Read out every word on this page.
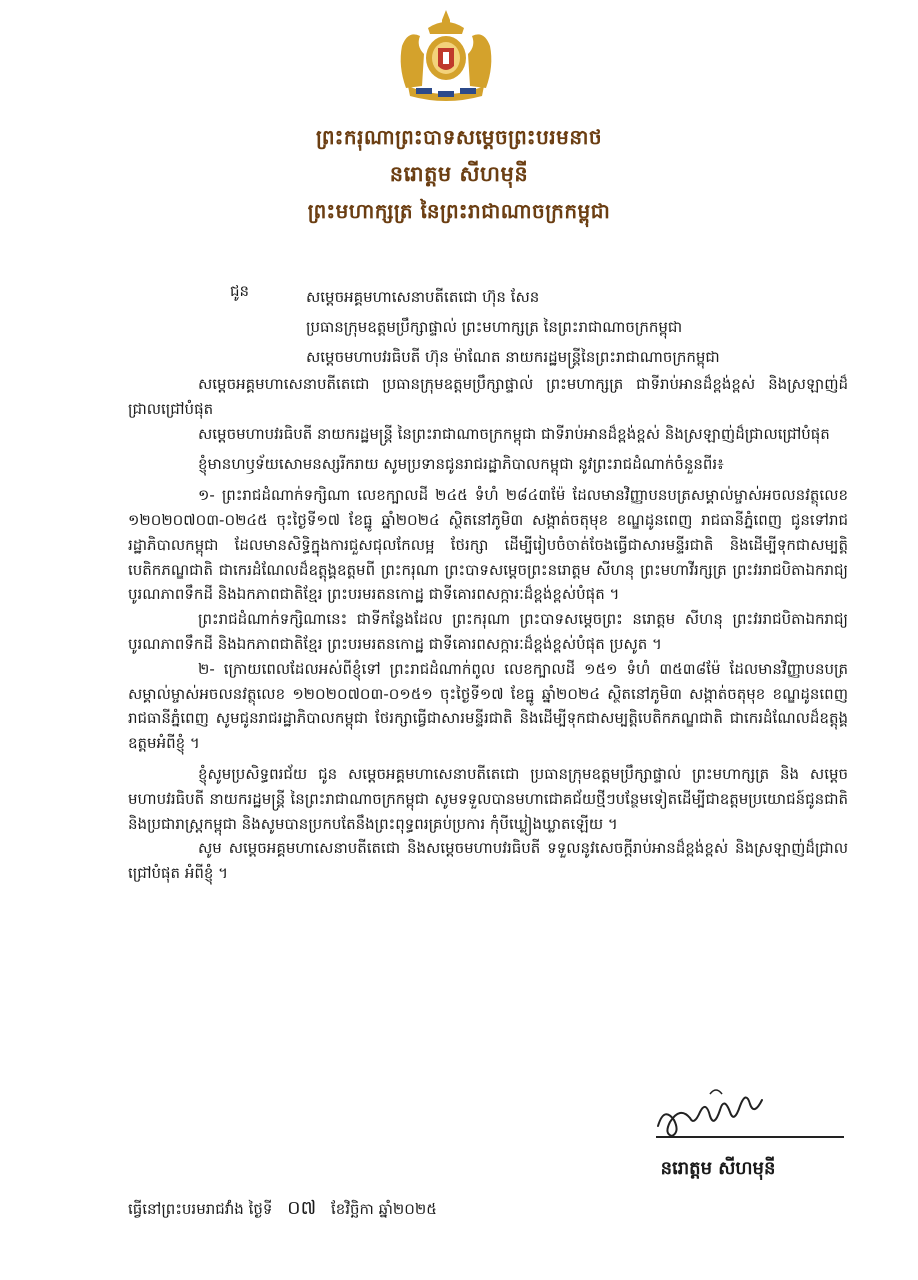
ព្រះករុណាព្រះបាទសម្តេចព្រះបរមនាថ
នរោត្តម សីហមុនី
ព្រះមហាក្សត្រ នៃព្រះរាជាណាចក្រកម្ពុជា
ជូន	សម្តេចអគ្គមហាសេនាបតីតេជោ ហ៊ុន សែន
ប្រធានក្រុមឧត្តមប្រឹក្សាផ្ទាល់ ព្រះមហាក្សត្រ នៃព្រះរាជាណាចក្រកម្ពុជា
សម្តេចមហាបវរធិបតី ហ៊ុន ម៉ាណែត នាយករដ្ឋមន្ត្រីនៃព្រះរាជាណាចក្រកម្ពុជា

សម្តេចអគ្គមហាសេនាបតីតេជោ ប្រធានក្រុមឧត្តមប្រឹក្សាផ្ទាល់ ព្រះមហាក្សត្រ ជាទីរាប់អានដ៏ខ្ពង់ខ្ពស់ និងស្រឡាញ់ដ៏ជ្រាលជ្រៅបំផុត

សម្តេចមហាបវរធិបតី នាយករដ្ឋមន្ត្រី នៃព្រះរាជាណាចក្រកម្ពុជា ជាទីរាប់អានដ៏ខ្ពង់ខ្ពស់ និងស្រឡាញ់ដ៏ជ្រាលជ្រៅបំផុត

ខ្ញុំមានហឫទ័យសោមនស្សរីករាយ សូមប្រទានជូនរាជរដ្ឋាភិបាលកម្ពុជា នូវព្រះរាជដំណាក់ចំនួនពីរ៖

១- ព្រះរាជដំណាក់ទក្សិណា លេខក្បាលដី ២៤៥ ទំហំ ២៨៤៣ម៉ែ ដែលមានវិញ្ញាបនបត្រសម្គាល់ម្ចាស់អចលនវត្ថុលេខ ១២០២០៧០៣-០២៤៥ ចុះថ្ងៃទី១៧ ខែធ្នូ ឆ្នាំ២០២៤ ស្ថិតនៅភូមិ៣ សង្កាត់ចតុមុខ ខណ្ឌដូនពេញ រាជធានីភ្នំពេញ ជូនទៅរាជរដ្ឋាភិបាលកម្ពុជា ដែលមានសិទ្ធិក្នុងការជួសជុលកែលម្អ ថែរក្សា ដើម្បីរៀបចំចាត់ចែងធ្វើជាសារមន្ទីរជាតិ និងដើម្បីទុកជាសម្បត្តិបេតិកភណ្ឌជាតិ ជាកេរដំណែលដ៏ឧត្តុង្គឧត្តមពី ព្រះករុណា ព្រះបាទសម្តេចព្រះនរោត្តម សីហនុ ព្រះមហាវីរក្សត្រ ព្រះវររាជបិតាឯករាជ្យ បូរណភាពទឹកដី និងឯកភាពជាតិខ្មែរ ព្រះបរមរតនកោដ្ឋ ជាទីគោរពសក្ការៈដ៏ខ្ពង់ខ្ពស់បំផុត ។

ព្រះរាជដំណាក់ទក្សិណានេះ ជាទីកន្លែងដែល ព្រះករុណា ព្រះបាទសម្តេចព្រះ នរោត្តម សីហនុ ព្រះវររាជបិតាឯករាជ្យ បូរណភាពទឹកដី និងឯកភាពជាតិខ្មែរ ព្រះបរមរតនកោដ្ឋ ជាទីគោរពសក្ការៈដ៏ខ្ពង់ខ្ពស់បំផុត ប្រសូត ។

២- ក្រោយពេលដែលអស់ពីខ្ញុំទៅ ព្រះរាជដំណាក់ពូល លេខក្បាលដី ១៥១ ទំហំ ៣៥៣៨ម៉ែ ដែលមានវិញ្ញាបនបត្រសម្គាល់ម្ចាស់អចលនវត្ថុលេខ ១២០២០៧០៣-០១៥១ ចុះថ្ងៃទី១៧ ខែធ្នូ ឆ្នាំ២០២៤ ស្ថិតនៅភូមិ៣ សង្កាត់ចតុមុខ ខណ្ឌដូនពេញ រាជធានីភ្នំពេញ សូមជូនរាជរដ្ឋាភិបាលកម្ពុជា ថែរក្សាធ្វើជាសារមន្ទីរជាតិ និងដើម្បីទុកជាសម្បត្តិបេតិកភណ្ឌជាតិ ជាកេរដំណែលដ៏ឧត្តុង្គឧត្តមអំពីខ្ញុំ ។

ខ្ញុំសូមប្រសិទ្ធពរជ័យ ជូន សម្តេចអគ្គមហាសេនាបតីតេជោ ប្រធានក្រុមឧត្តមប្រឹក្សាផ្ទាល់ ព្រះមហាក្សត្រ និង សម្តេចមហាបវរធិបតី នាយករដ្ឋមន្ត្រី នៃព្រះរាជាណាចក្រកម្ពុជា សូមទទួលបានមហាជោគជ័យថ្មីៗបន្ថែមទៀតដើម្បីជាឧត្តមប្រយោជន៍ជូនជាតិ និងប្រជារាស្ត្រកម្ពុជា និងសូមបានប្រកបតែនឹងព្រះពុទ្ធពរគ្រប់ប្រការ កុំបីឃ្លៀងឃ្លាតឡើយ ។

សូម សម្តេចអគ្គមហាសេនាបតីតេជោ និងសម្តេចមហាបវរធិបតី ទទួលនូវសេចក្តីរាប់អានដ៏ខ្ពង់ខ្ពស់ និងស្រឡាញ់ដ៏ជ្រាលជ្រៅបំផុត អំពីខ្ញុំ ។

នរោត្តម សីហមុនី
ធ្វើនៅព្រះបរមរាជវាំង ថ្ងៃទី ០៧ ខែវិច្ឆិកា ឆ្នាំ២០២៥
